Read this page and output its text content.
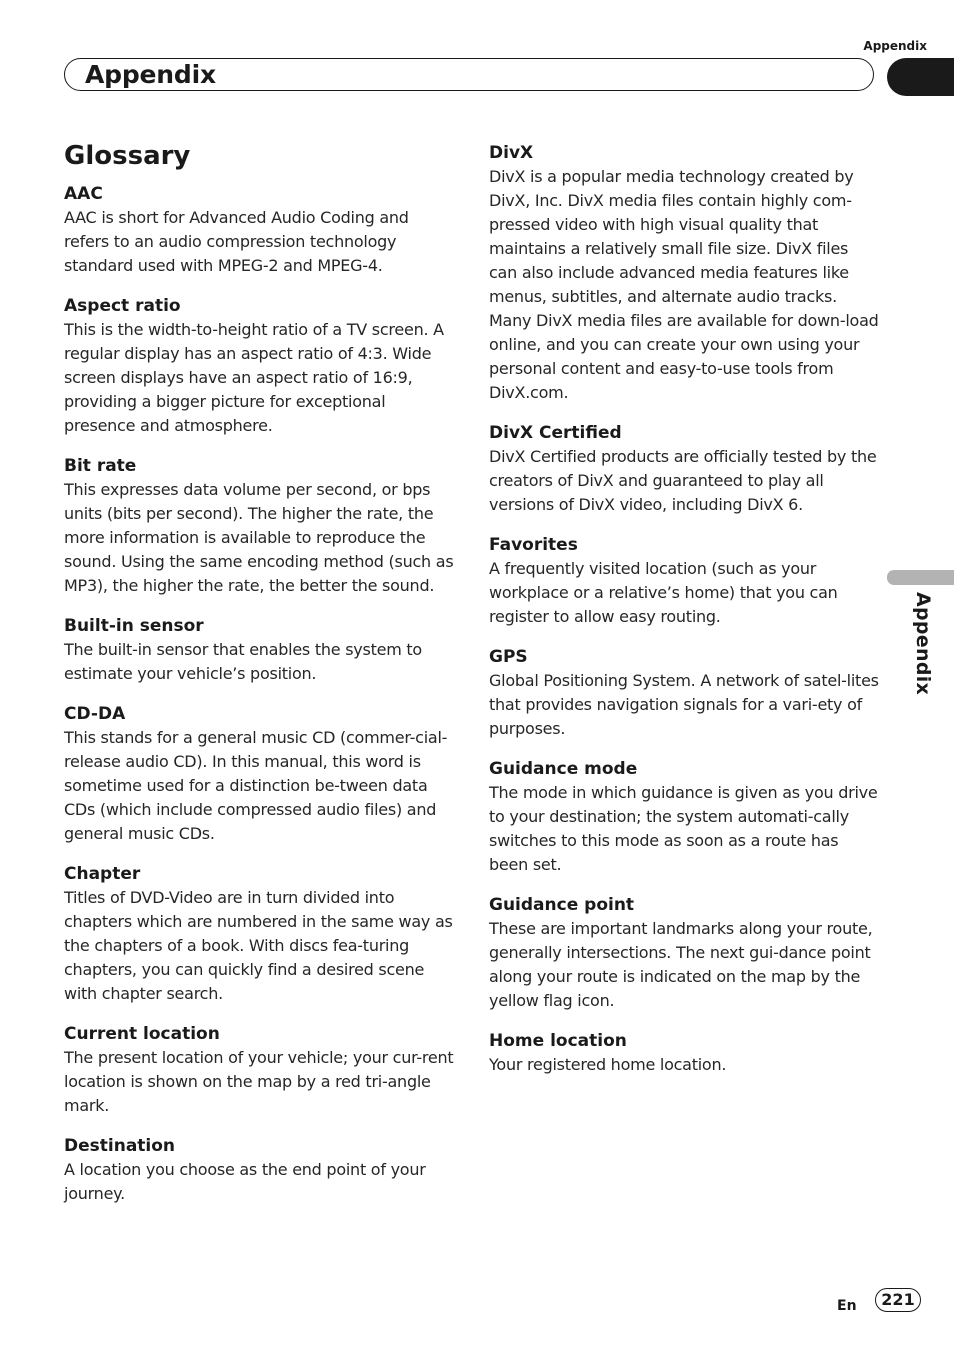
Appendix
Appendix
Appendix
Glossary

AAC

AAC is short for Advanced Audio Coding and refers to an audio compression technology standard used with MPEG-2 and MPEG-4.

Aspect ratio

This is the width-to-height ratio of a TV screen. A regular display has an aspect ratio of 4:3. Wide screen displays have an aspect ratio of 16:9, providing a bigger picture for exceptional presence and atmosphere.

Bit rate

This expresses data volume per second, or bps units (bits per second). The higher the rate, the more information is available to reproduce the sound. Using the same encoding method (such as MP3), the higher the rate, the better the sound.

Built-in sensor

The built-in sensor that enables the system to estimate your vehicle’s position.

CD-DA

This stands for a general music CD (commer-cial-release audio CD). In this manual, this word is sometime used for a distinction be-tween data CDs (which include compressed audio files) and general music CDs.

Chapter

Titles of DVD-Video are in turn divided into chapters which are numbered in the same way as the chapters of a book. With discs fea-turing chapters, you can quickly find a desired scene with chapter search.

Current location

The present location of your vehicle; your cur-rent location is shown on the map by a red tri-angle mark.

Destination

A location you choose as the end point of your journey.

DivX

DivX is a popular media technology created by DivX, Inc. DivX media files contain highly com-pressed video with high visual quality that maintains a relatively small file size. DivX files can also include advanced media features like menus, subtitles, and alternate audio tracks. Many DivX media files are available for down-load online, and you can create your own using your personal content and easy-to-use tools from DivX.com.

DivX Certified

DivX Certified products are officially tested by the creators of DivX and guaranteed to play all versions of DivX video, including DivX 6.

Favorites

A frequently visited location (such as your workplace or a relative’s home) that you can register to allow easy routing.

GPS

Global Positioning System. A network of satel-lites that provides navigation signals for a vari-ety of purposes.

Guidance mode

The mode in which guidance is given as you drive to your destination; the system automati-cally switches to this mode as soon as a route has been set.

Guidance point

These are important landmarks along your route, generally intersections. The next gui-dance point along your route is indicated on the map by the yellow flag icon.

Home location

Your registered home location.

En	221
